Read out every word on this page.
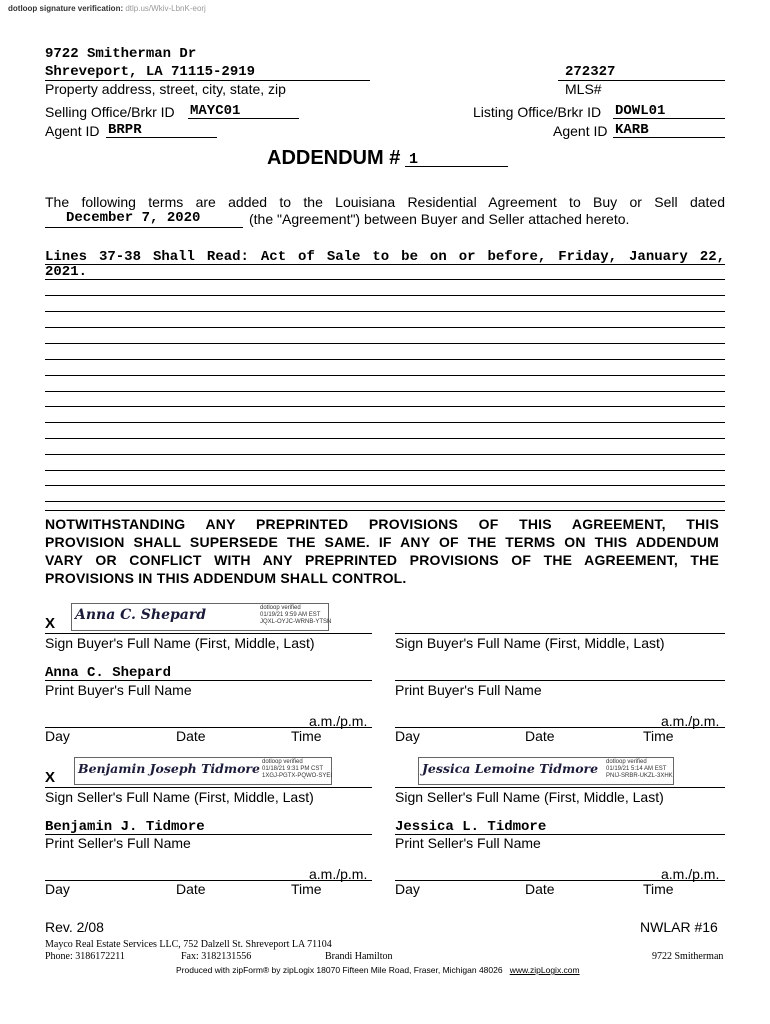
dotloop signature verification: dtlp.us/Wkiv-LbnK-eorj
9722 Smitherman Dr
Shreveport, LA 71115-2919
Property address, street, city, state, zip
272327
MLS#
Selling Office/Brkr ID MAYC01
Agent ID BRPR
Listing Office/Brkr ID DOWL01
Agent ID KARB
ADDENDUM # 1
The following terms are added to the Louisiana Residential Agreement to Buy or Sell dated
December 7, 2020	(the "Agreement") between Buyer and Seller attached hereto.
Lines 37-38 Shall Read: Act of Sale to be on or before, Friday, January 22,
2021.
NOTWITHSTANDING ANY PREPRINTED PROVISIONS OF THIS AGREEMENT, THIS
PROVISION SHALL SUPERSEDE THE SAME. IF ANY OF THE TERMS ON THIS ADDENDUM
VARY OR CONFLICT WITH ANY PREPRINTED PROVISIONS OF THE AGREEMENT, THE
PROVISIONS IN THIS ADDENDUM SHALL CONTROL.
X Anna C. Shepard	dotloop verified
01/19/21 9:59 AM EST
JQXL-OYJC-WRNB-YTSN
Sign Buyer's Full Name (First, Middle, Last)	Sign Buyer's Full Name (First, Middle, Last)
Anna C. Shepard
Print Buyer's Full Name	Print Buyer's Full Name
a.m./p.m.
Day	Date	Time
a.m./p.m.
Day	Date	Time
X
Benjamin Joseph Tidmore dotloop verified
01/18/21 9:31 PM CST
1XGJ-PGTX-PQWO-SYEI
Sign Seller's Full Name (First, Middle, Last)
Jessica Lemoine Tidmore dotloop verified
01/19/21 5:14 AM EST
PNIJ-SRBR-UKZL-3XHK
Sign Seller's Full Name (First, Middle, Last)
Benjamin J. Tidmore
Print Seller's Full Name
Jessica L. Tidmore
Print Seller's Full Name
a.m./p.m.
Day	Date	Time
a.m./p.m.
Day	Date	Time
Rev. 2/08	NWLAR #16
Mayco Real Estate Services LLC, 752 Dalzell St. Shreveport LA 71104
Phone: 3186172211	Fax: 3182131556	Brandi Hamilton	9722 Smitherman
Produced with zipForm® by zipLogix 18070 Fifteen Mile Road, Fraser, Michigan 48026 www.zipLogix.com
